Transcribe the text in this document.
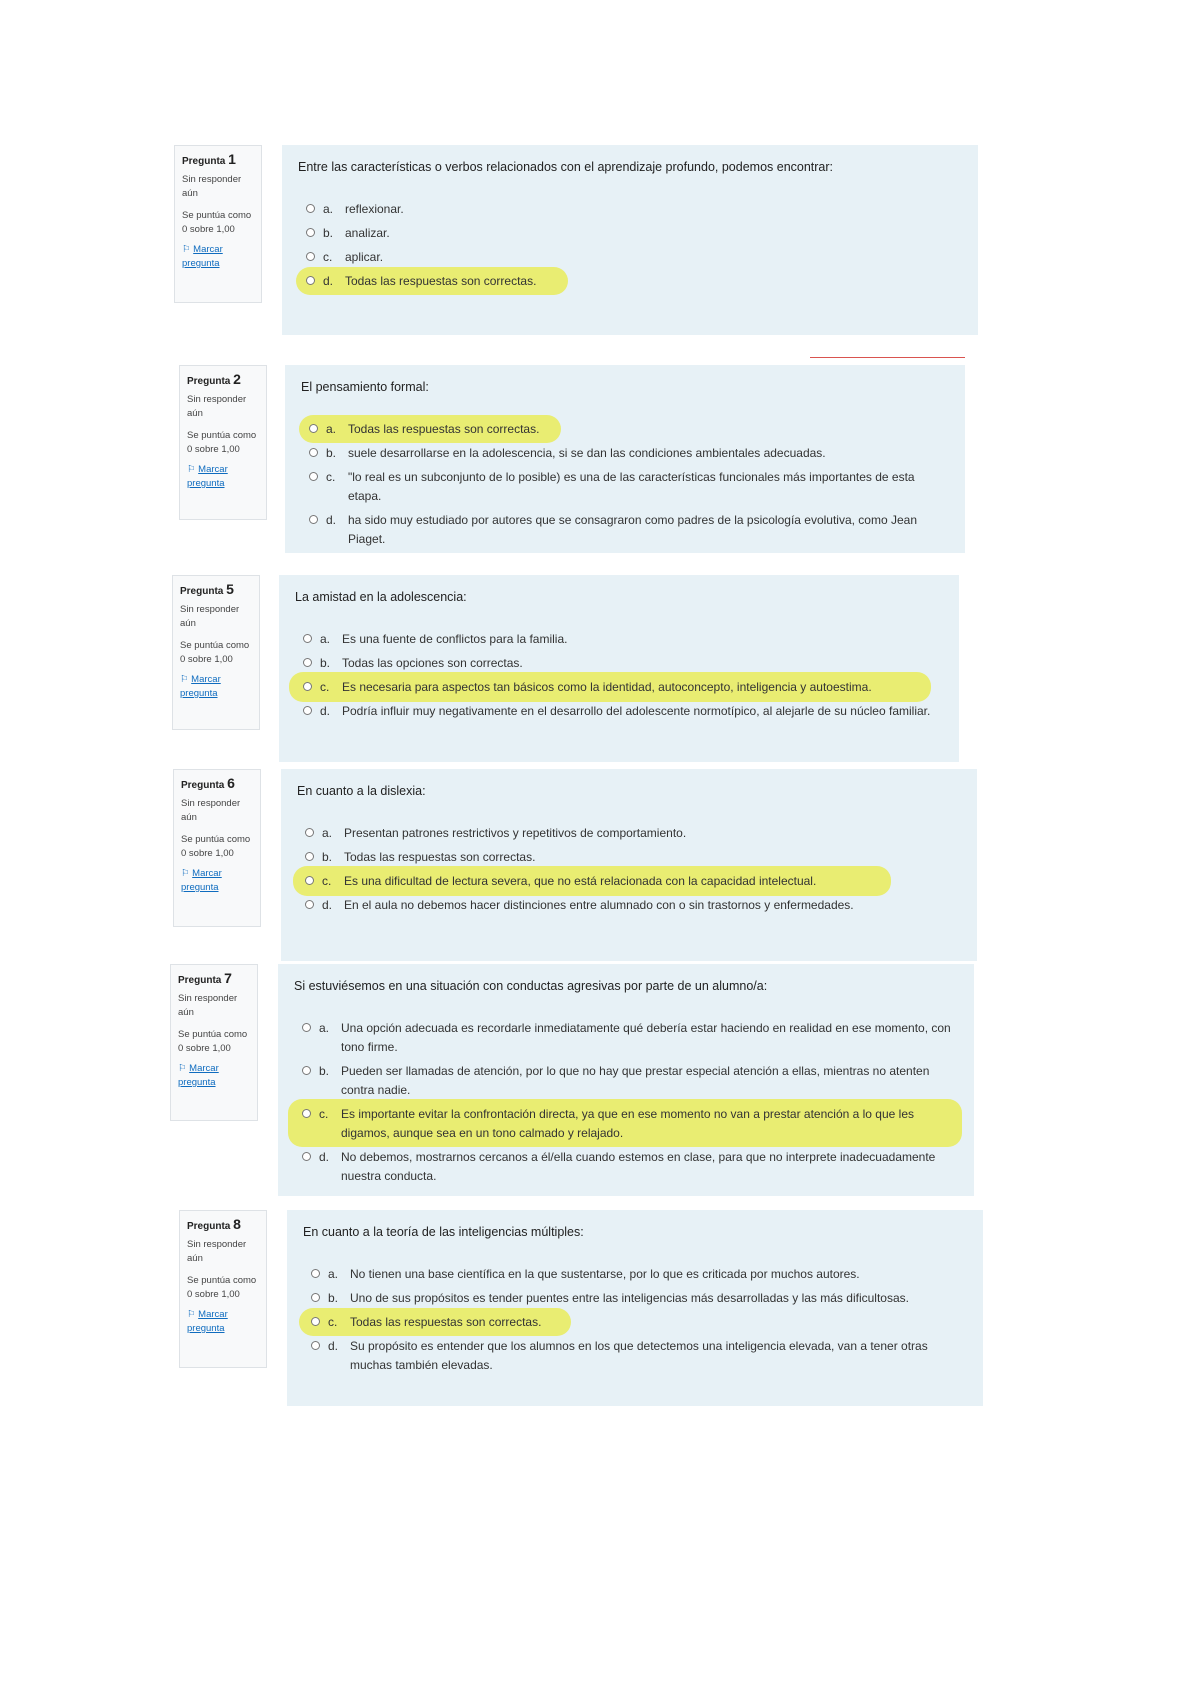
Pregunta 1
Sin responder aún
Se puntúa como 0 sobre 1,00
⚐ Marcar pregunta

Entre las características o verbos relacionados con el aprendizaje profundo, podemos encontrar:

a. reflexionar.
b. analizar.
c.	aplicar.
d. Todas las respuestas son correctas.
Pregunta 2
Sin responder aún
Se puntúa como 0 sobre 1,00
⚐ Marcar pregunta

El pensamiento formal:

a. Todas las respuestas son correctas.
b. suele desarrollarse en la adolescencia, si se dan las condiciones ambientales adecuadas.
c.	"lo real es un subconjunto de lo posible) es una de las características funcionales más importantes de esta etapa.
d. ha sido muy estudiado por autores que se consagraron como padres de la psicología evolutiva, como Jean Piaget.
Pregunta 5
Sin responder aún
Se puntúa como 0 sobre 1,00
⚐ Marcar pregunta

La amistad en la adolescencia:

a. Es una fuente de conflictos para la familia.
b. Todas las opciones son correctas.
c.	Es necesaria para aspectos tan básicos como la identidad, autoconcepto, inteligencia y autoestima.
d. Podría influir muy negativamente en el desarrollo del adolescente normotípico, al alejarle de su núcleo familiar.
Pregunta 6
Sin responder aún
Se puntúa como 0 sobre 1,00
⚐ Marcar pregunta

En cuanto a la dislexia:

a. Presentan patrones restrictivos y repetitivos de comportamiento.
b. Todas las respuestas son correctas.
c.	Es una dificultad de lectura severa, que no está relacionada con la capacidad intelectual.
d. En el aula no debemos hacer distinciones entre alumnado con o sin trastornos y enfermedades.
Pregunta 7
Sin responder aún
Se puntúa como 0 sobre 1,00
⚐ Marcar pregunta

Si estuviésemos en una situación con conductas agresivas por parte de un alumno/a:

a. Una opción adecuada es recordarle inmediatamente qué debería estar haciendo en realidad en ese momento, con tono firme.
b. Pueden ser llamadas de atención, por lo que no hay que prestar especial atención a ellas, mientras no atenten contra nadie.
c.	Es importante evitar la confrontación directa, ya que en ese momento no van a prestar atención a lo que les digamos, aunque sea en un tono calmado y relajado.
d. No debemos, mostrarnos cercanos a él/ella cuando estemos en clase, para que no interprete inadecuadamente nuestra conducta.
Pregunta 8
Sin responder aún
Se puntúa como 0 sobre 1,00
⚐ Marcar pregunta

En cuanto a la teoría de las inteligencias múltiples:

a. No tienen una base científica en la que sustentarse, por lo que es criticada por muchos autores.
b. Uno de sus propósitos es tender puentes entre las inteligencias más desarrolladas y las más dificultosas.
c.	Todas las respuestas son correctas.
d. Su propósito es entender que los alumnos en los que detectemos una inteligencia elevada, van a tener otras muchas también elevadas.
